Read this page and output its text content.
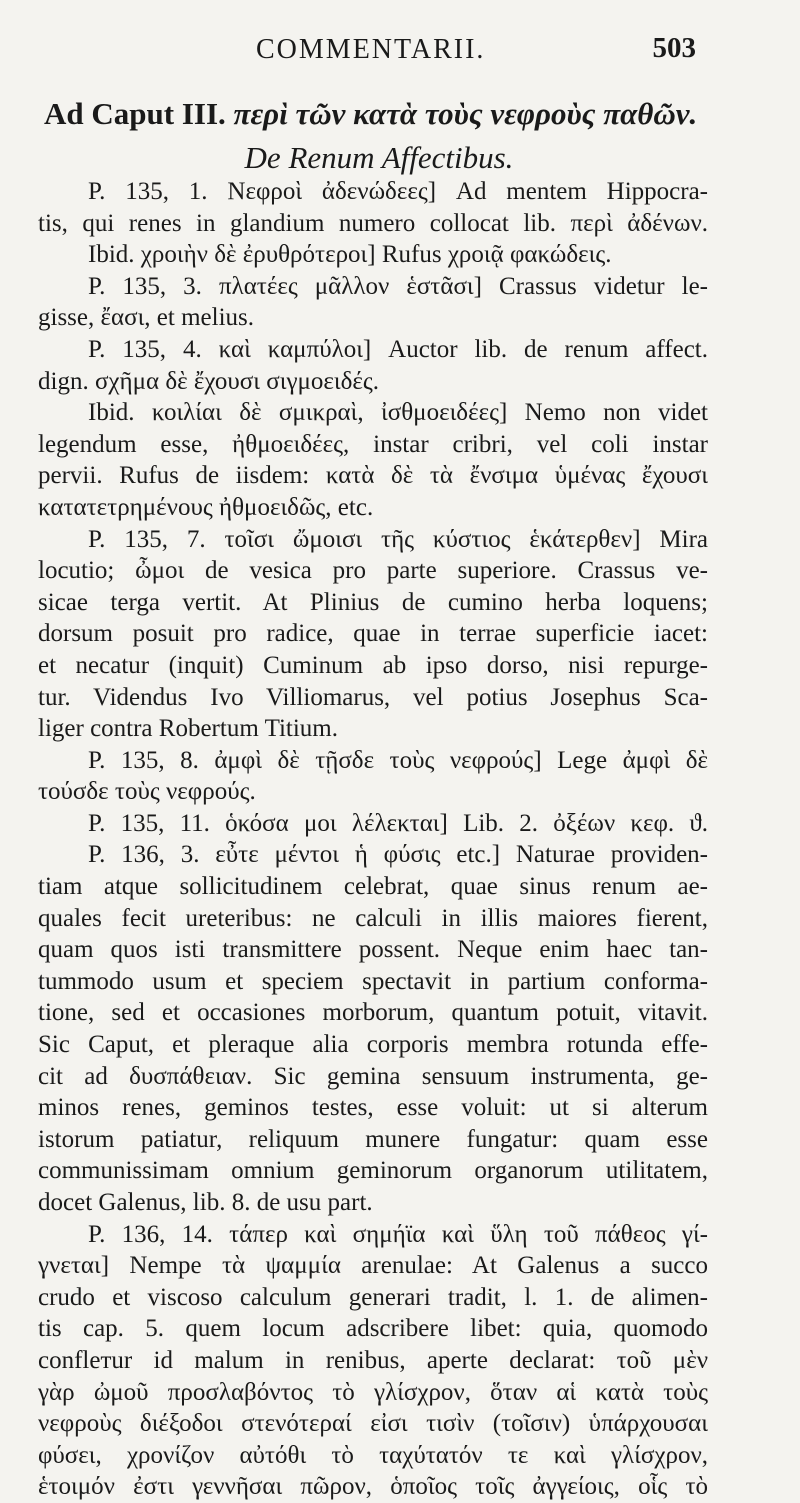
COMMENTARII.	503
Ad Caput III. περὶ τῶν κατὰ τοὺς νεφροὺς παθῶν.
De Renum Affectibus.
P. 135, 1. Νεφροὶ ἀδενώδεες] Ad mentem Hippocra-
tis, qui renes in glandium numero collocat lib. περὶ ἀδένων.
Ibid. χροιὴν δὲ ἐρυθρότεροι] Rufus χροιᾷ φακώδεις.
P. 135, 3. πλατέες μᾶλλον ἑστᾶσι] Crassus videtur le-
gisse, ἔασι, et melius.
P. 135, 4. καὶ καμπύλοι] Auctor lib. de renum affect.
dign. σχῆμα δὲ ἔχουσι σιγμοειδές.
Ibid. κοιλίαι δὲ σμικραὶ, ἰσθμοειδέες] Nemo non videt
legendum esse, ἠθμοειδέες, instar cribri, vel coli instar
pervii. Rufus de iisdem: κατὰ δὲ τὰ ἔνσιμα ὑμένας ἔχουσι
κατατετρημένους ἠθμοειδῶς, etc.
P. 135, 7. τοῖσι ὤμοισι τῆς κύστιος ἑκάτερθεν] Mira
locutio; ὦμοι de vesica pro parte superiore. Crassus ve-
sicae terga vertit. At Plinius de cumino herba loquens;
dorsum posuit pro radice, quae in terrae superficie iacet:
et necatur (inquit) Cuminum ab ipso dorso, nisi repurge-
tur. Videndus Ivo Villiomarus, vel potius Josephus Sca-
liger contra Robertum Titium.
P. 135, 8. ἀμφὶ δὲ τῇσδε τοὺς νεφρούς] Lege ἀμφὶ δὲ
τούσδε τοὺς νεφρούς.
P. 135, 11. ὁκόσα μοι λέλεκται] Lib. 2. ὀξέων κεφ. ϑ.
P. 136, 3. εὖτε μέντοι ἡ φύσις etc.] Naturae providen-
tiam atque sollicitudinem celebrat, quae sinus renum ae-
quales fecit ureteribus: ne calculi in illis maiores fierent,
quam quos isti transmittere possent. Neque enim haec tan-
tummodo usum et speciem spectavit in partium conforma-
tione, sed et occasiones morborum, quantum potuit, vitavit.
Sic Caput, et pleraque alia corporis membra rotunda effe-
cit ad δυσπάθειαν. Sic gemina sensuum instrumenta, ge-
minos renes, geminos testes, esse voluit: ut si alterum
istorum patiatur, reliquum munere fungatur: quam esse
communissimam omnium geminorum organorum utilitatem,
docet Galenus, lib. 8. de usu part.
P. 136, 14. τάπερ καὶ σημήϊα καὶ ὕλη τοῦ πάθεος γί-
γνεται] Nempe τὰ ψαμμία arenulae: At Galenus a succo
crudo et viscoso calculum generari tradit, l. 1. de alimen-
tis cap. 5. quem locum adscribere libet: quia, quomodo
conflетur id malum in renibus, aperte declarat: τοῦ μὲν
γὰρ ὠμοῦ προσλαβόντος τὸ γλίσχρον, ὅταν αἱ κατὰ τοὺς
νεφροὺς διέξοδοι στενότεραί εἰσι τισὶν (τοῖσιν) ὑπάρχουσαι
φύσει, χρονίζον αὐτόθι τὸ ταχύτατόν τε καὶ γλίσχρον,
ἑτοιμόν ἐστι γεννῆσαι πῶρον, ὁποῖος τοῖς ἀγγείοις, οἷς τὸ
